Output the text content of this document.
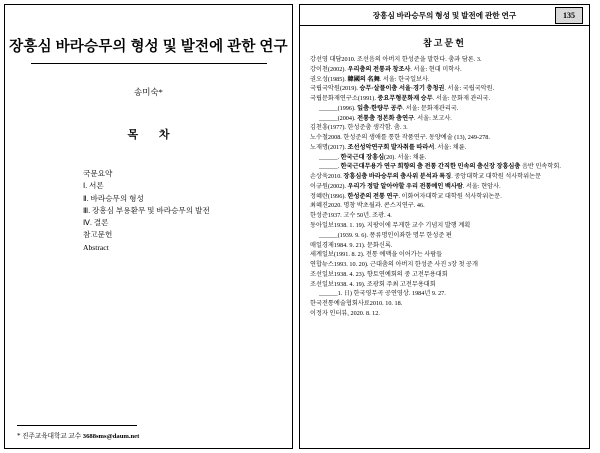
장흥심 바라승무의 형성 및 발전에 관한 연구
송미숙*
목 차
국문요약
Ⅰ. 서론
Ⅱ. 바라승무의 형성
Ⅲ. 장흥심 부용환무 및 바라승무의 발전
Ⅳ. 결론
참고문헌
Abstract
* 진주교육대학교 교수 3688sms@daum.net
장흥심 바라승무의 형성 및 발전에 관한 연구	135
참고문헌
강선영 대담2010. 조선음의 아버지 한성준을 말한다. 춤과 담론. 3.
강이천(2002). 우리춤의 전통과 창조사. 서울: 현대 미학사.
권오성(1985). 韓國의 名舞. 서울: 한국일보사.
국립국악원(2019). 승무·살풀이춤 서울·경기 충청권. 서울: 국립국악원.
국립문화재연구소(1991). 중요무형문화재 승무. 서울: 문화재 관리국.
______(1996). 잎춤·한량무 공주. 서울: 문화재관리국.
______(2004). 전통춤 정본화 춤연구. 서울: 보고사.
김천흥(1977). 한성준춤 생각함. 춤. 3.
노수철2008. 한성준의 생애를 통한 작품연구. 동양예술 (13), 249-278.
노재명(2017). 조선성악연구회 발자취를 따라서. 서울: 채륜.
______. 한국근대 장흥심(20). 서울: 채륜.
______. 한국근대무용가 연구 희향의 춤 전통 간직한 민속의 춤신장 장흥심춤 음반 민속학회.
손상욱2010. 장흥심춤 바라승무의 춤사위 분석과 특징. 중앙대학교 대학원 석사학위논문
이규원(2002). 우리가 정말 알아야할 우리 전통예인 백사람. 서울: 현암사.
정혜란(1996). 한성준의 전통 연구. 이화여자대학교 대학원 석사학위논문.
최혜진2020. 명창 박초월과. 콘스지연구. 46.
한성준1937. 고수 50년. 조광. 4.
동아일보1938. 1. 19). 지팡이에 무게한 교수 기념지 발행 계획
______(1939. 9. 6). 퐁류명인이좌한 명무 한성준 편
매일경제1984. 9. 21). 문화신록.
세계일보(1991. 8. 2). 전통 예맥을 이어가는 사람들
연합뉴스1993. 10. 20). 근대춤의 아버지 한성준 사진 3장 첫 공개
조선일보1938. 4. 23). 향토연예회의 중 고전무용대회
조선일보1938. 4. 19). 조광회 주최 고전무용대회
______1. 日) 한국영무곡 공연영상. 1984년 9. 27.
한국전통예술협회사료2010. 10. 18.
이정자 인터뷰, 2020. 8. 12.
